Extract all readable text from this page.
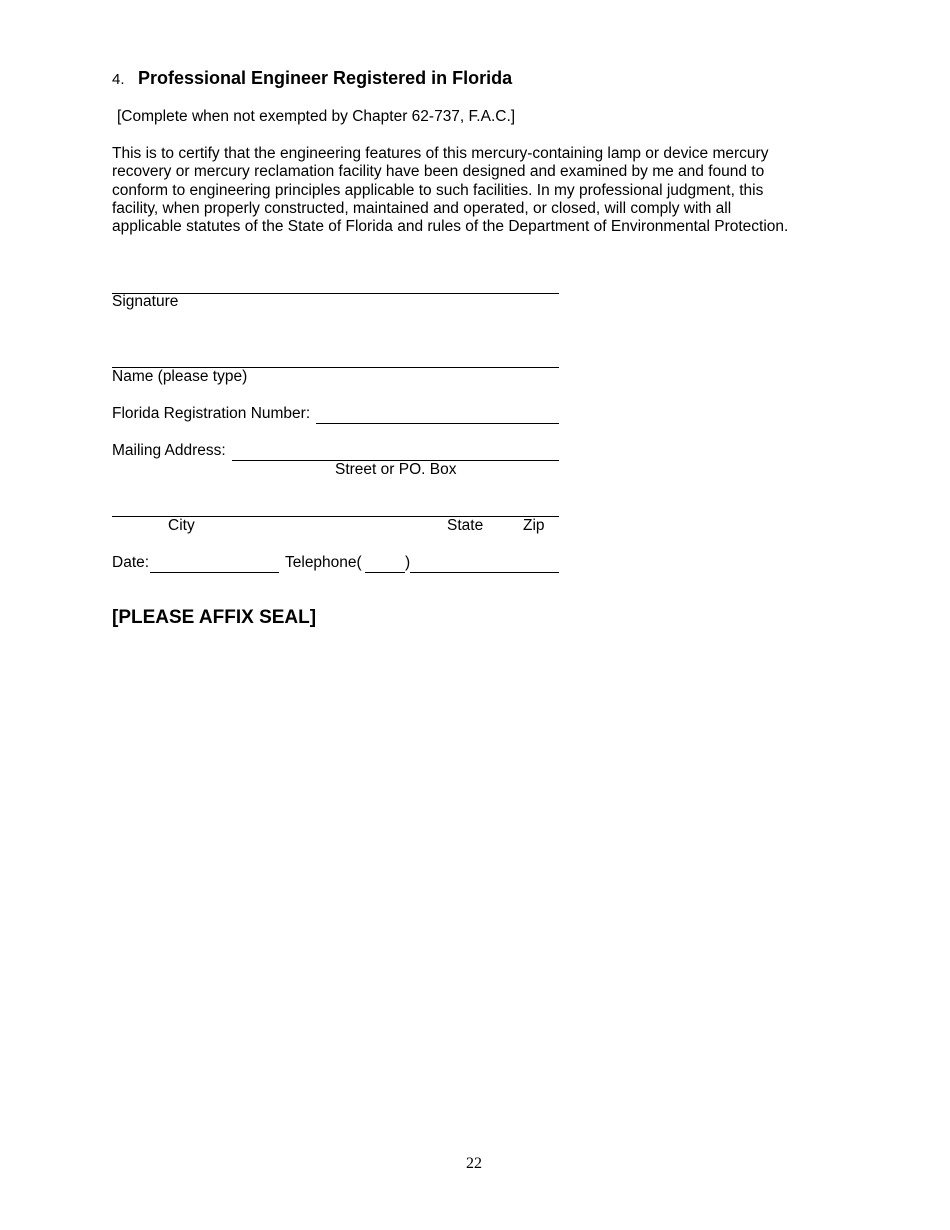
4. Professional Engineer Registered in Florida
[Complete when not exempted by Chapter 62-737, F.A.C.]
This is to certify that the engineering features of this mercury-containing lamp or device mercury
recovery or mercury reclamation facility have been designed and examined by me and found to
conform to engineering principles applicable to such facilities. In my professional judgment, this
facility, when properly constructed, maintained and operated, or closed, will comply with all
applicable statutes of the State of Florida and rules of the Department of Environmental Protection.
Signature
Name (please type)
Florida Registration Number:
Mailing Address:
Street or PO. Box
City	State	Zip
Date:	Telephone(	)
[PLEASE AFFIX SEAL]
22
